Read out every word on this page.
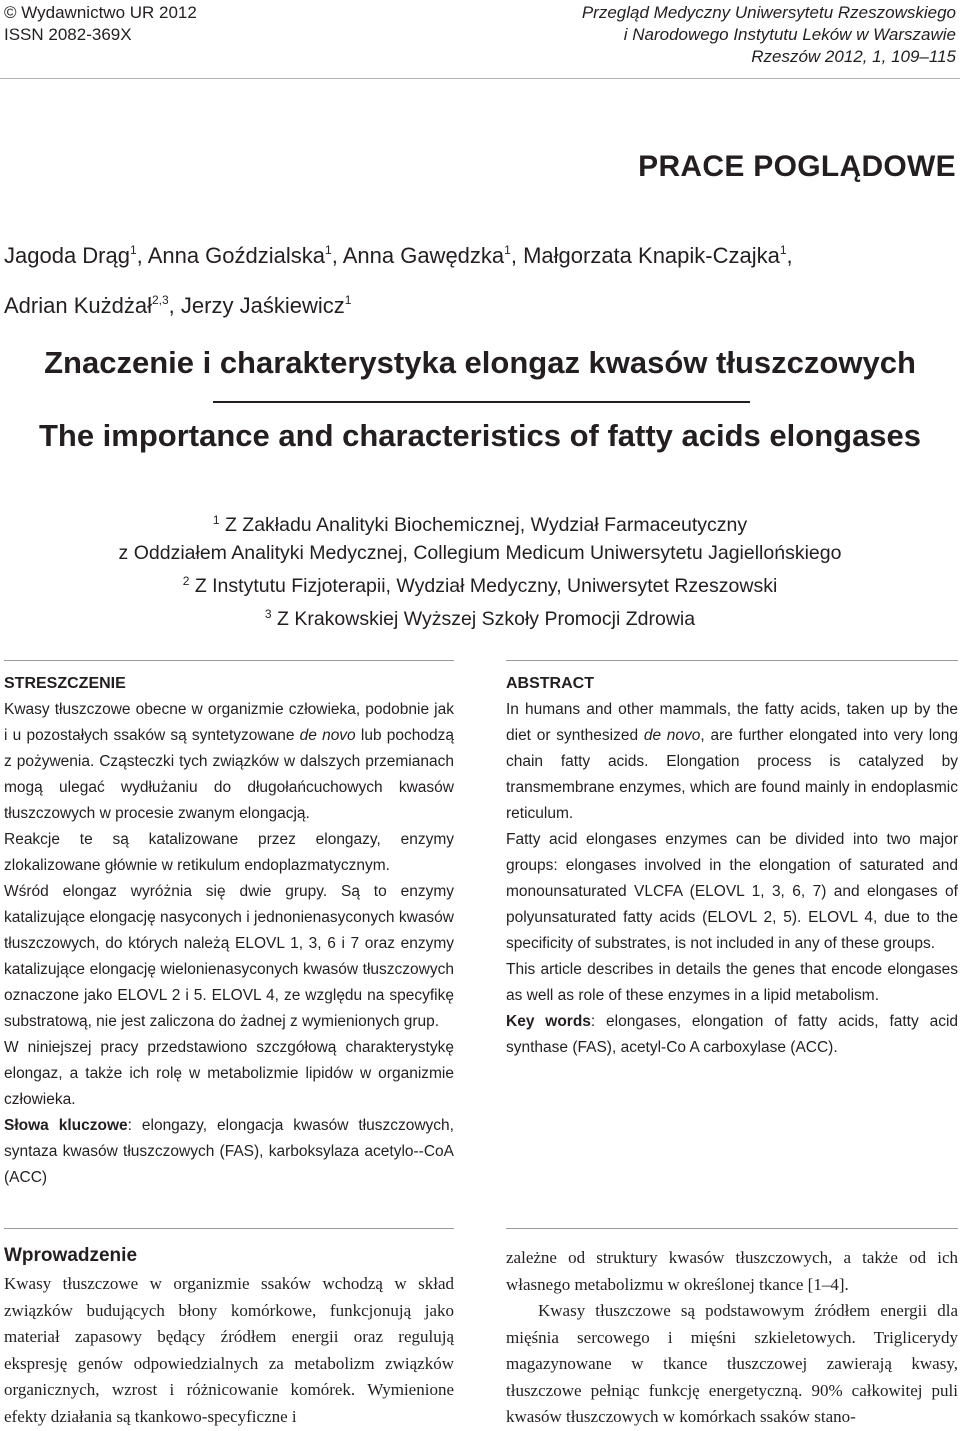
© Wydawnictwo UR 2012
ISSN 2082-369X
Przegląd Medyczny Uniwersytetu Rzeszowskiego
i Narodowego Instytutu Leków w Warszawie
Rzeszów 2012, 1, 109–115
PRACE POGLĄDOWE
Jagoda Drąg$^1$, Anna Goździalska$^1$, Anna Gawędzka$^1$, Małgorzata Knapik-Czajka$^1$,
Adrian Kużdżał$^{2,3}$, Jerzy Jaśkiewicz$^1$
Znaczenie i charakterystyka elongaz kwasów tłuszczowych
The importance and characteristics of fatty acids elongases
$^1$ Z Zakładu Analityki Biochemicznej, Wydział Farmaceutyczny
z Oddziałem Analityki Medycznej, Collegium Medicum Uniwersytetu Jagiellońskiego
$^2$ Z Instytutu Fizjoterapii, Wydział Medyczny, Uniwersytet Rzeszowski
$^3$ Z Krakowskiej Wyższej Szkoły Promocji Zdrowia
STRESZCZENIE

Kwasy tłuszczowe obecne w organizmie człowieka, podobnie jak i u pozostałych ssaków są syntetyzowane de novo lub pochodzą z pożywenia. Cząsteczki tych związków w dalszych przemianach mogą ulegać wydłużaniu do długołańcuchowych kwasów tłuszczowych w procesie zwanym elongacją.

Reakcje te są katalizowane przez elongazy, enzymy zlokalizowane głównie w retikulum endoplazmatycznym.

Wśród elongaz wyróżnia się dwie grupy. Są to enzymy katalizujące elongację nasyconych i jednonienasyconych kwasów tłuszczowych, do których należą ELOVL 1, 3, 6 i 7 oraz enzymy katalizujące elongację wielonienasyconych kwasów tłuszczowych oznaczone jako ELOVL 2 i 5. ELOVL 4, ze względu na specyfikę substratową, nie jest zaliczona do żadnej z wymienionych grup.

W niniejszej pracy przedstawiono szczgółową charakterystykę elongaz, a także ich rolę w metabolizmie lipidów w organizmie człowieka.

Słowa kluczowe: elongazy, elongacja kwasów tłuszczowych, syntaza kwasów tłuszczowych (FAS), karboksylaza acetylo--CoA (ACC)

ABSTRACT

In humans and other mammals, the fatty acids, taken up by the diet or synthesized de novo, are further elongated into very long chain fatty acids. Elongation process is catalyzed by transmembrane enzymes, which are found mainly in endoplasmic reticulum.

Fatty acid elongases enzymes can be divided into two major groups: elongases involved in the elongation of saturated and monounsaturated VLCFA (ELOVL 1, 3, 6, 7) and elongases of polyunsaturated fatty acids (ELOVL 2, 5). ELOVL 4, due to the specificity of substrates, is not included in any of these groups.

This article describes in details the genes that encode elongases as well as role of these enzymes in a lipid metabolism.

Key words: elongases, elongation of fatty acids, fatty acid synthase (FAS), acetyl-Co A carboxylase (ACC).

Wprowadzenie
Kwasy tłuszczowe w organizmie ssaków wchodzą w skład związków budujących błony komórkowe, funkcjonują jako materiał zapasowy będący źródłem energii oraz regulują ekspresję genów odpowiedzialnych za metabolizm związków organicznych, wzrost i różnicowanie komórek. Wymienione efekty działania są tkankowo-specyficzne i

zależne od struktury kwasów tłuszczowych, a także od ich własnego metabolizmu w określonej tkance [1–4].

Kwasy tłuszczowe są podstawowym źródłem energii dla mięśnia sercowego i mięśni szkieletowych. Triglicerydy magazynowane w tkance tłuszczowej zawierają kwasy, tłuszczowe pełniąc funkcję energetyczną. 90% całkowitej puli kwasów tłuszczowych w komórkach ssaków stano-
